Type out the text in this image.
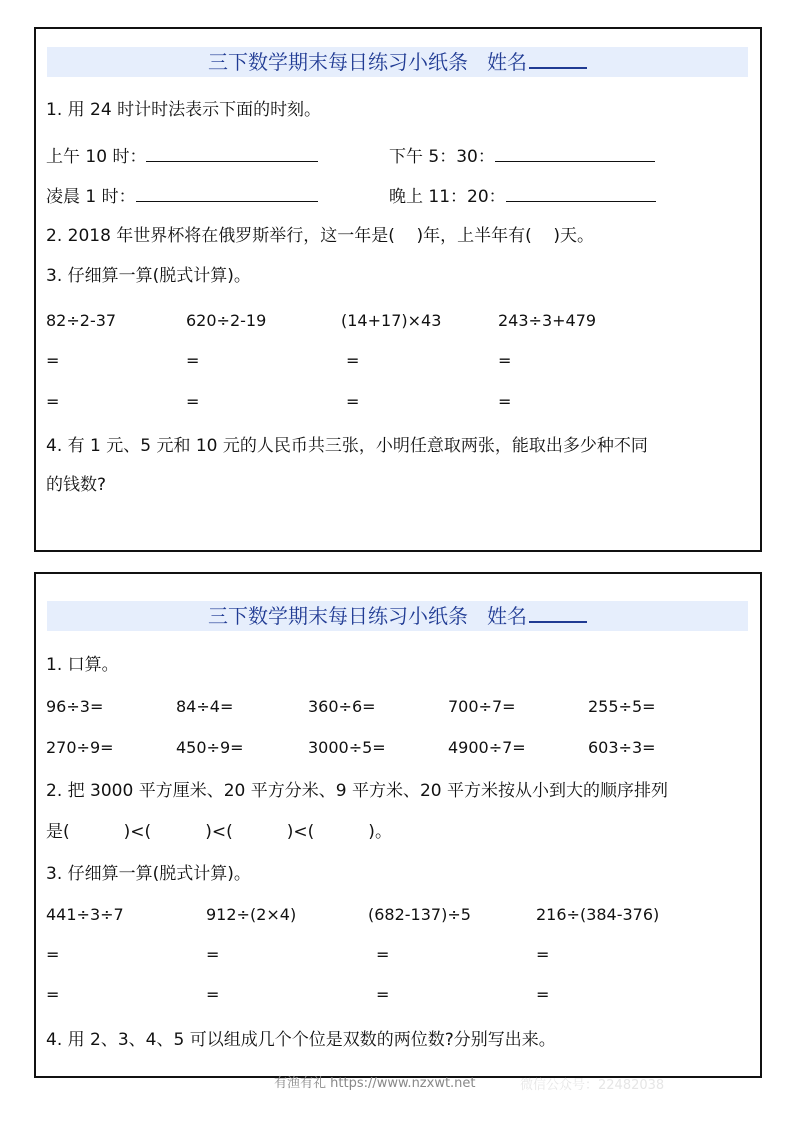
三下数学期末每日练习小纸条 姓名
1. 用 24 时计时法表示下面的时刻。
上午 10 时：	下午 5：30：
凌晨 1 时：	晚上 11：20：
2. 2018 年世界杯将在俄罗斯举行，这一年是(    )年，上半年有(    )天。
3. 仔细算一算(脱式计算)。
82÷2-37	620÷2-19	(14+17)×43	243÷3+479
=	=	=	=
=	=	=	=
4. 有 1 元、5 元和 10 元的人民币共三张，小明任意取两张，能取出多少种不同
的钱数?
三下数学期末每日练习小纸条 姓名
1. 口算。
96÷3=	84÷4=	360÷6=	700÷7=	255÷5=
270÷9=	450÷9=	3000÷5=	4900÷7=	603÷3=
2. 把 3000 平方厘米、20 平方分米、9 平方米、20 平方米按从小到大的顺序排列
是(          )<(          )<(          )<(          )。
3. 仔细算一算(脱式计算)。
441÷3÷7	912÷(2×4)	(682-137)÷5	216÷(384-376)
=	=	=	=
=	=	=	=
4. 用 2、3、4、5 可以组成几个个位是双数的两位数?分别写出来。
有渔有礼 https://www.nzxwt.net	微信公众号：22482038
